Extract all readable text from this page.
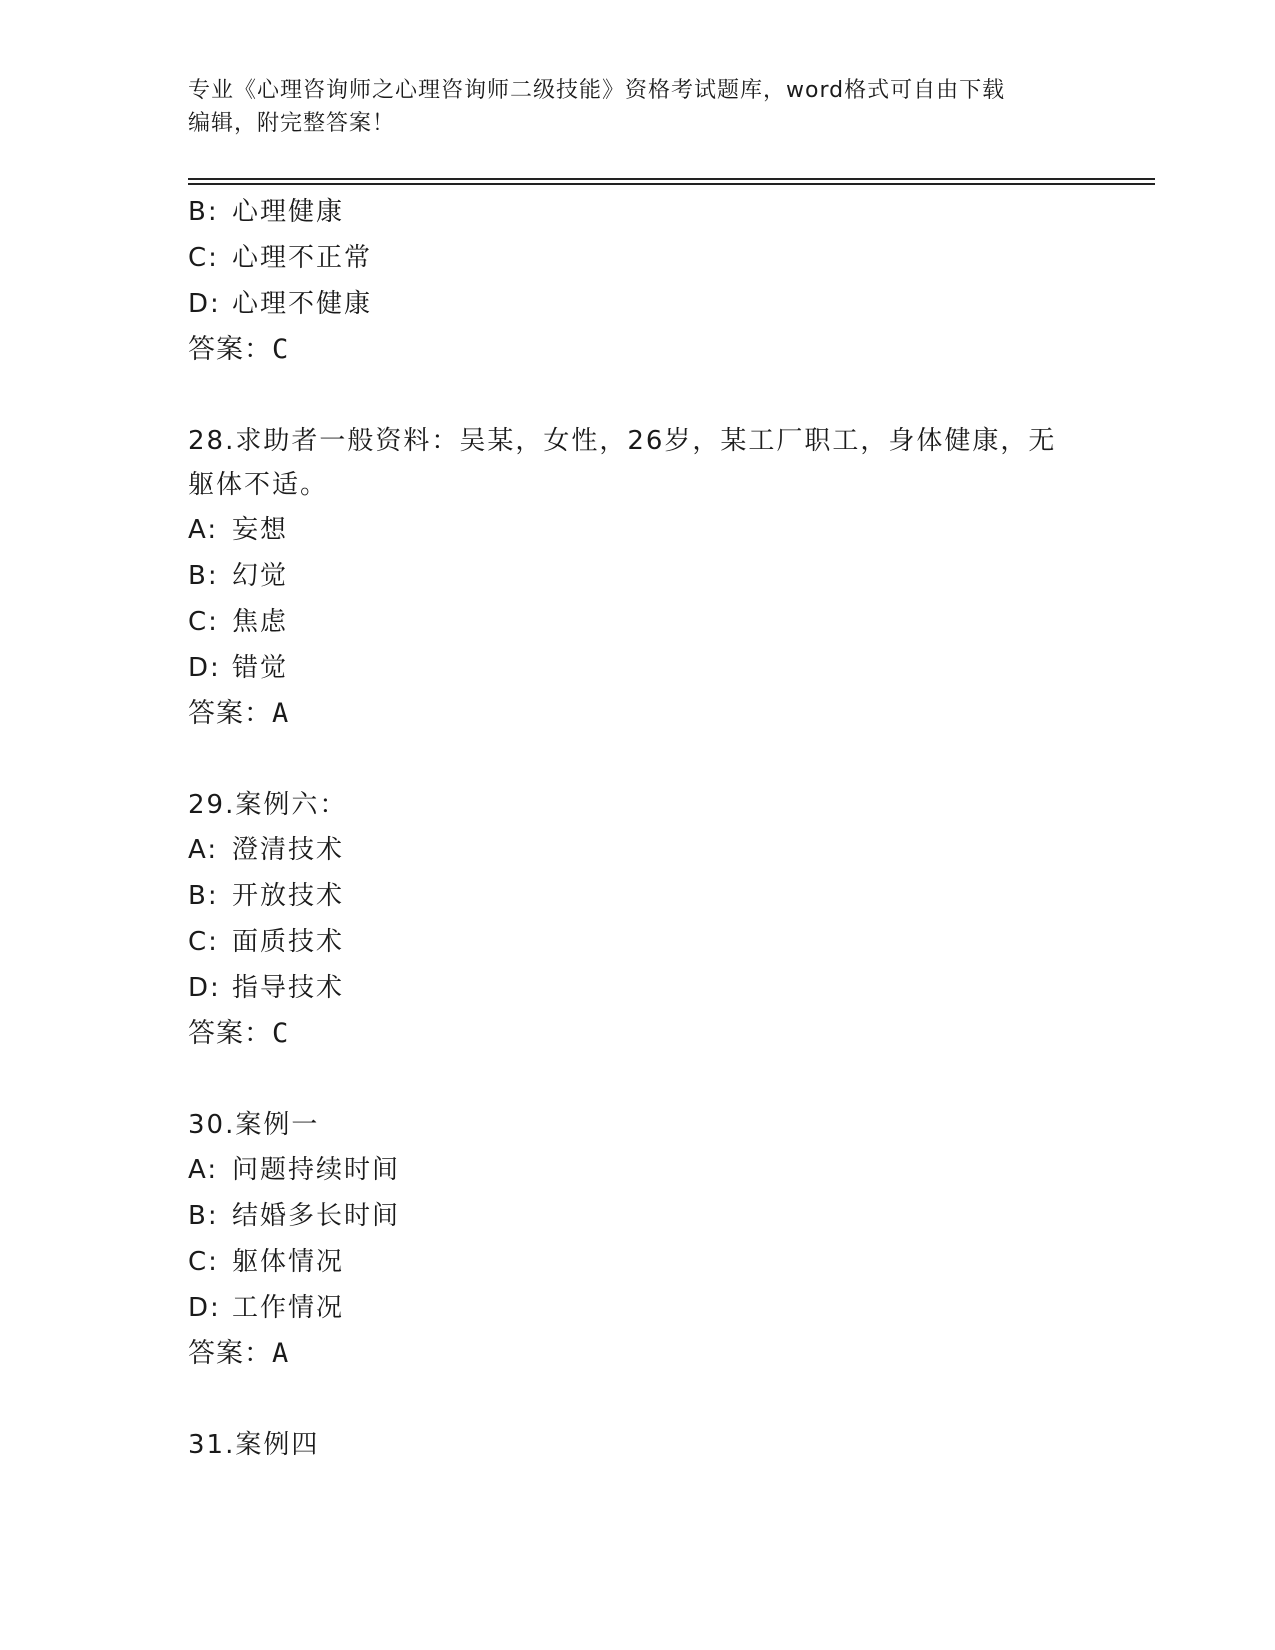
专业《心理咨询师之心理咨询师二级技能》资格考试题库，word格式可自由下载
编辑，附完整答案！
B: 心理健康
C: 心理不正常
D: 心理不健康
答案：C
28.求助者一般资料：吴某，女性，26岁，某工厂职工，身体健康，无
躯体不适。
A: 妄想
B: 幻觉
C: 焦虑
D: 错觉
答案：A
29.案例六：
A: 澄清技术
B: 开放技术
C: 面质技术
D: 指导技术
答案：C
30.案例一
A: 问题持续时间
B: 结婚多长时间
C: 躯体情况
D: 工作情况
答案：A
31.案例四
